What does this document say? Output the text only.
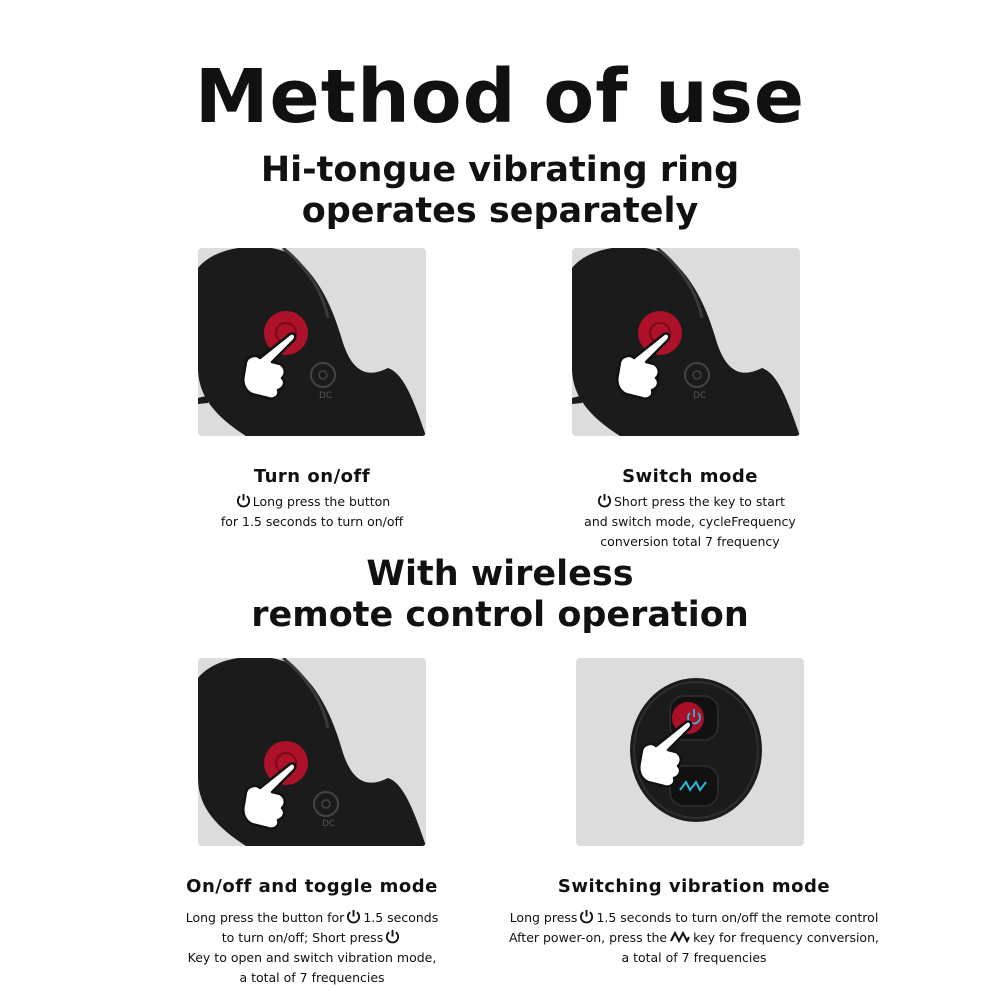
Method of use
Hi-tongue vibrating ring
operates separately
DC	DC
Turn on/off
Long press the button
for 1.5 seconds to turn on/off
Switch mode
Short press the key to start
and switch mode, cycleFrequency
conversion total 7 frequency
With wireless
remote control operation
DC
On/off and toggle mode
Long press the button for 1.5 seconds
to turn on/off; Short press
Key to open and switch vibration mode,
a total of 7 frequencies
Switching vibration mode
Long press 1.5 seconds to turn on/off the remote control
After power-on, press the key for frequency conversion,
a total of 7 frequencies
